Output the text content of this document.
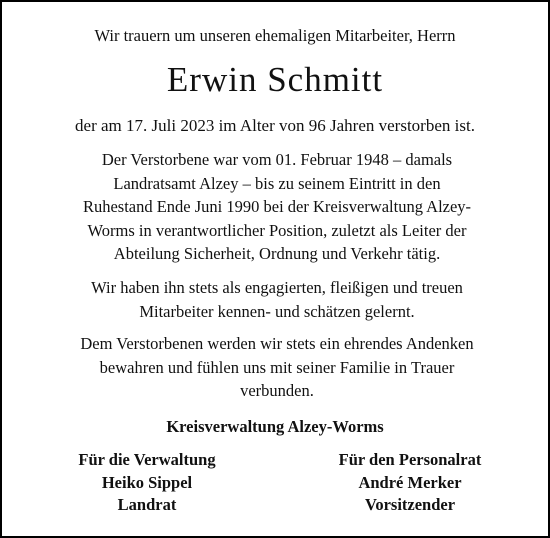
Wir trauern um unseren ehemaligen Mitarbeiter, Herrn
Erwin Schmitt
der am 17. Juli 2023 im Alter von 96 Jahren verstorben ist.
Der Verstorbene war vom 01. Februar 1948 – damals
Landratsamt Alzey – bis zu seinem Eintritt in den
Ruhestand Ende Juni 1990 bei der Kreisverwaltung Alzey-
Worms in verantwortlicher Position, zuletzt als Leiter der
Abteilung Sicherheit, Ordnung und Verkehr tätig.
Wir haben ihn stets als engagierten, fleißigen und treuen
Mitarbeiter kennen- und schätzen gelernt.
Dem Verstorbenen werden wir stets ein ehrendes Andenken
bewahren und fühlen uns mit seiner Familie in Trauer
verbunden.
Kreisverwaltung Alzey-Worms
Für die Verwaltung
Heiko Sippel
Landrat
Für den Personalrat
André Merker
Vorsitzender
